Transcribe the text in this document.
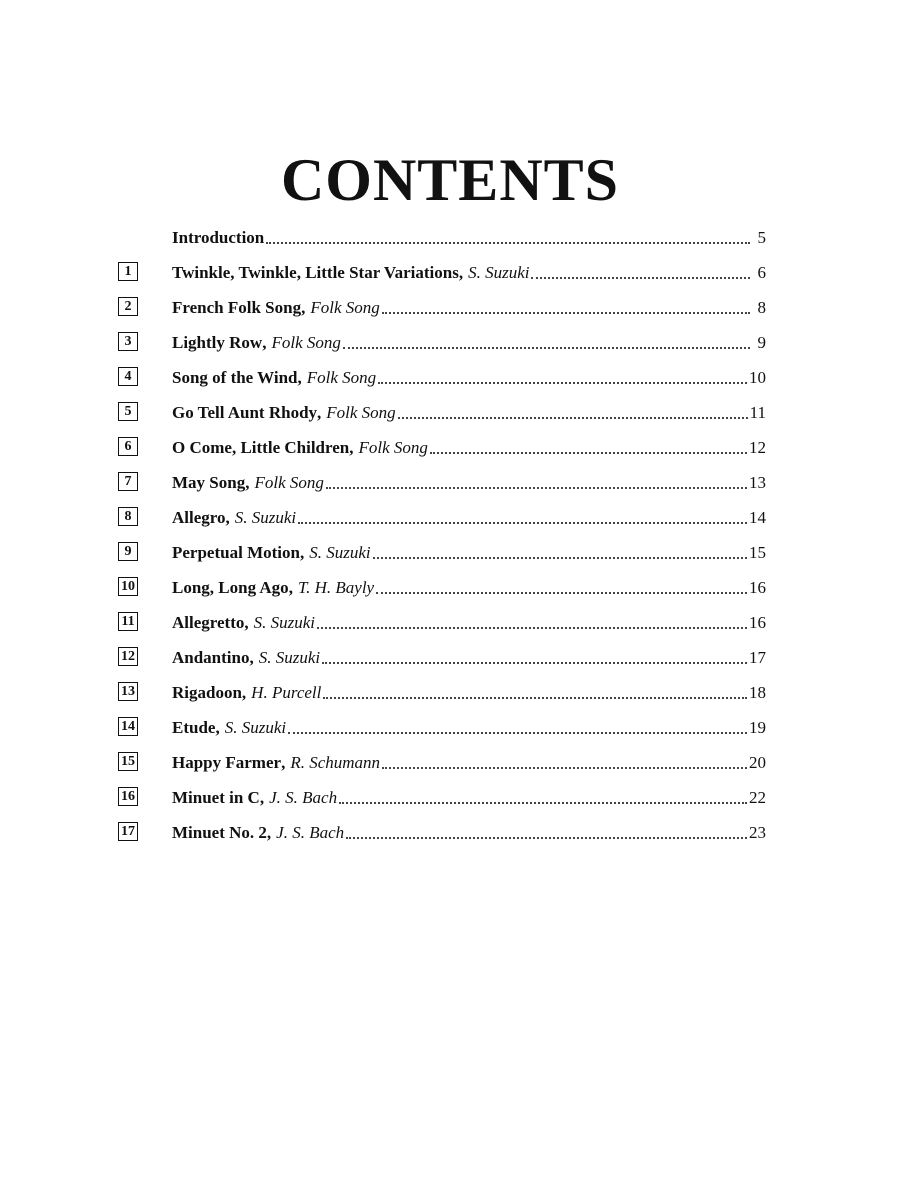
CONTENTS
Introduction	5
1	Twinkle, Twinkle, Little Star Variations , S. Suzuki	6
2	French Folk Song , Folk Song	8
3	Lightly Row , Folk Song	9
4	Song of the Wind , Folk Song	10
5	Go Tell Aunt Rhody , Folk Song	11
6	O Come, Little Children , Folk Song	12
7	May Song , Folk Song	13
8	Allegro , S. Suzuki	14
9	Perpetual Motion , S. Suzuki	15
10 Long, Long Ago , T. H. Bayly	16
11 Allegretto , S. Suzuki	16
12 Andantino , S. Suzuki	17
13 Rigadoon , H. Purcell	18
14 Etude , S. Suzuki	19
15 Happy Farmer , R. Schumann	20
16 Minuet in C , J. S. Bach	22
17 Minuet No. 2 , J. S. Bach	23
